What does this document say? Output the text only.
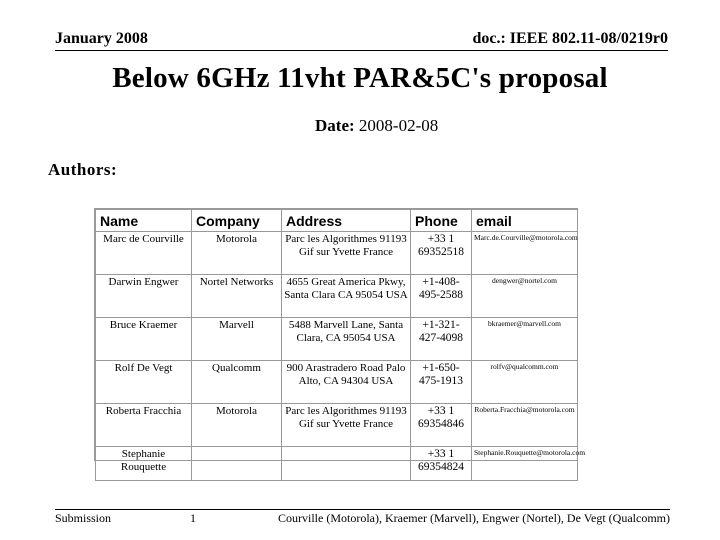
January 2008	doc.: IEEE 802.11-08/0219r0
Below 6GHz 11vht PAR&5C's proposal
Date: 2008-02-08
Authors:
Name	Company	Address	Phone	email
Marc de Courville	Motorola	Parc les Algorithmes 91193 Gif sur Yvette France	+33 1 69352518	Marc.de.Courville@motorola.com
Darwin Engwer	Nortel Networks	4655 Great America Pkwy, Santa Clara CA 95054 USA	+1-408-495-2588	dengwer@nortel.com
Bruce Kraemer	Marvell	5488 Marvell Lane, Santa Clara, CA 95054 USA	+1-321-427-4098	bkraemer@marvell.com
Rolf De Vegt	Qualcomm	900 Arastradero Road Palo Alto, CA 94304 USA	+1-650-475-1913	rolfv@qualcomm.com
Roberta Fracchia	Motorola	Parc les Algorithmes 91193 Gif sur Yvette France	+33 1 69354846	Roberta.Fracchia@motorola.com
Stephanie Rouquette			+33 1 69354824	Stephanie.Rouquette@motorola.com
Submission	1	Courville (Motorola), Kraemer (Marvell), Engwer (Nortel), De Vegt (Qualcomm)
